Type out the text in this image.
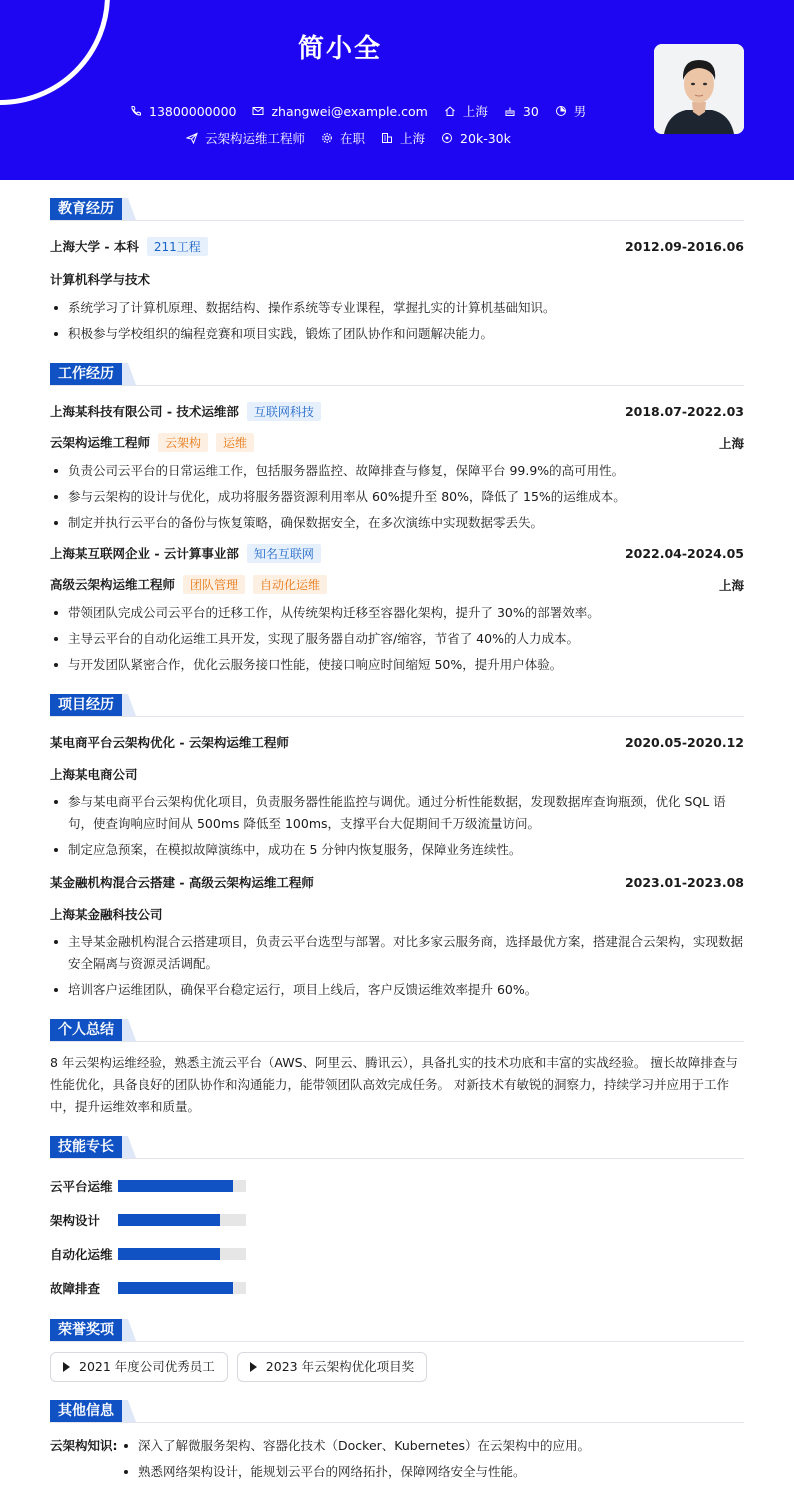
简小全
13800000000	zhangwei@example.com	上海	30	男
云架构运维工程师	在职	上海	20k-30k
教育经历
上海大学 - 本科 211工程	2012.09-2016.06
计算机科学与技术
系统学习了计算机原理、数据结构、操作系统等专业课程，掌握扎实的计算机基础知识。
积极参与学校组织的编程竞赛和项目实践，锻炼了团队协作和问题解决能力。
工作经历
上海某科技有限公司 - 技术运维部 互联网科技	2018.07-2022.03
云架构运维工程师 云架构 运维	上海
负责公司云平台的日常运维工作，包括服务器监控、故障排查与修复，保障平台 99.9%的高可用性。
参与云架构的设计与优化，成功将服务器资源利用率从 60%提升至 80%，降低了 15%的运维成本。
制定并执行云平台的备份与恢复策略，确保数据安全，在多次演练中实现数据零丢失。
上海某互联网企业 - 云计算事业部 知名互联网	2022.04-2024.05
高级云架构运维工程师 团队管理 自动化运维	上海
带领团队完成公司云平台的迁移工作，从传统架构迁移至容器化架构，提升了 30%的部署效率。
主导云平台的自动化运维工具开发，实现了服务器自动扩容/缩容，节省了 40%的人力成本。
与开发团队紧密合作，优化云服务接口性能，使接口响应时间缩短 50%，提升用户体验。
项目经历
某电商平台云架构优化 - 云架构运维工程师	2020.05-2020.12
上海某电商公司
参与某电商平台云架构优化项目，负责服务器性能监控与调优。通过分析性能数据，发现数据库查询瓶颈，优化 SQL 语句，使查询响应时间从 500ms 降低至 100ms，支撑平台大促期间千万级流量访问。
制定应急预案，在模拟故障演练中，成功在 5 分钟内恢复服务，保障业务连续性。
某金融机构混合云搭建 - 高级云架构运维工程师	2023.01-2023.08
上海某金融科技公司
主导某金融机构混合云搭建项目，负责云平台选型与部署。对比多家云服务商，选择最优方案，搭建混合云架构，实现数据安全隔离与资源灵活调配。
培训客户运维团队，确保平台稳定运行，项目上线后，客户反馈运维效率提升 60%。
个人总结
8 年云架构运维经验，熟悉主流云平台（AWS、阿里云、腾讯云），具备扎实的技术功底和丰富的实战经验。 擅长故障排查与性能优化，具备良好的团队协作和沟通能力，能带领团队高效完成任务。 对新技术有敏锐的洞察力，持续学习并应用于工作中，提升运维效率和质量。
技能专长
云平台运维
架构设计
自动化运维
故障排查
荣誉奖项
2021 年度公司优秀员工	2023 年云架构优化项目奖
其他信息
云架构知识: 深入了解微服务架构、容器化技术（Docker、Kubernetes）在云架构中的应用。
熟悉网络架构设计，能规划云平台的网络拓扑，保障网络安全与性能。
